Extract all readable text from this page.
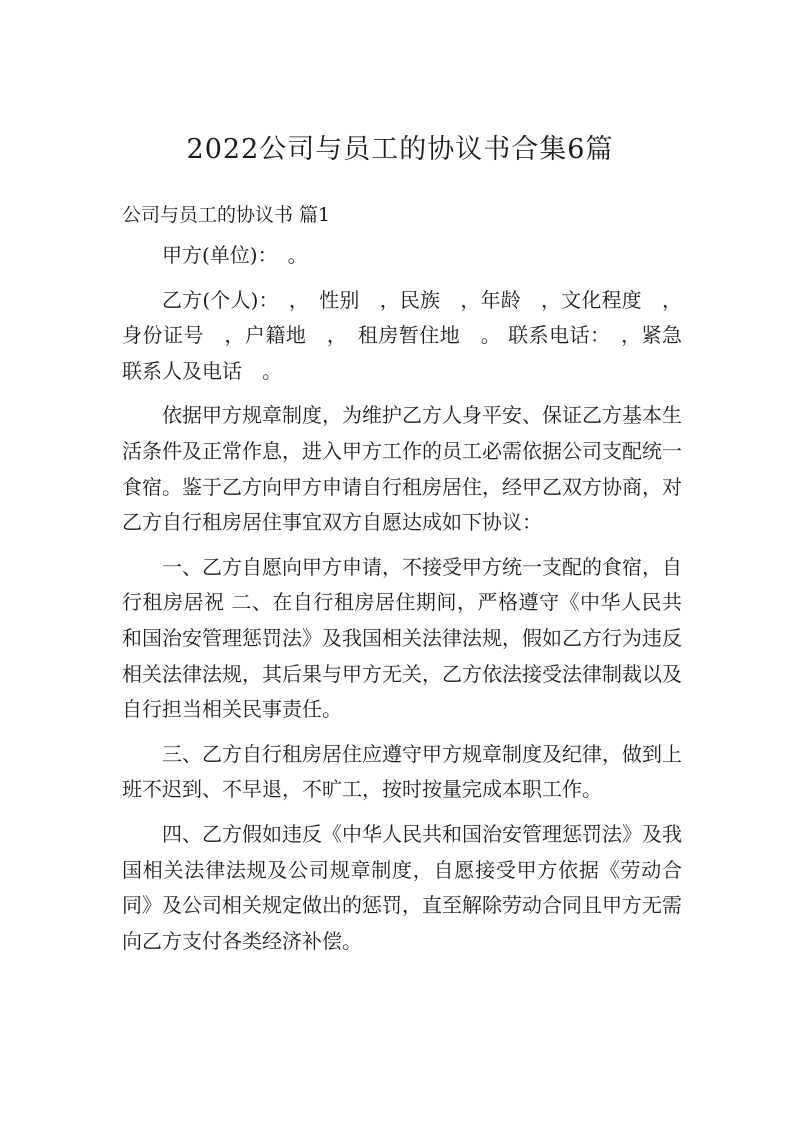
2022公司与员工的协议书合集6篇
公司与员工的协议书 篇1

甲方(单位)：　。

乙方(个人)：　，　性别　，民族　，年龄　，文化程度　，身份证号　，户籍地　，　租房暂住地　。 联系电话：　，紧急联系人及电话　。

依据甲方规章制度，为维护乙方人身平安、保证乙方基本生活条件及正常作息，进入甲方工作的员工必需依据公司支配统一食宿。鉴于乙方向甲方申请自行租房居住，经甲乙双方协商，对乙方自行租房居住事宜双方自愿达成如下协议：

一、乙方自愿向甲方申请，不接受甲方统一支配的食宿，自行租房居祝 二、在自行租房居住期间，严格遵守《中华人民共和国治安管理惩罚法》及我国相关法律法规，假如乙方行为违反相关法律法规，其后果与甲方无关，乙方依法接受法律制裁以及自行担当相关民事责任。

三、乙方自行租房居住应遵守甲方规章制度及纪律，做到上班不迟到、不早退，不旷工，按时按量完成本职工作。

四、乙方假如违反《中华人民共和国治安管理惩罚法》及我国相关法律法规及公司规章制度，自愿接受甲方依据《劳动合同》及公司相关规定做出的惩罚，直至解除劳动合同且甲方无需向乙方支付各类经济补偿。
